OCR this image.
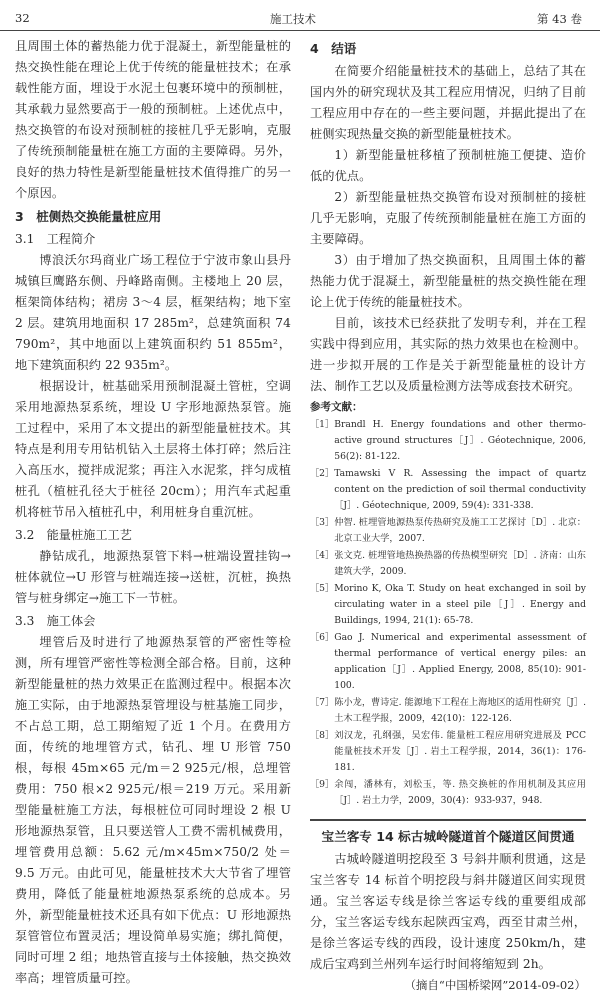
32	施工技术	第 43 卷

且周围土体的蓄热能力优于混凝土，新型能量桩的热交换性能在理论上优于传统的能量桩技术；在承载性能方面，埋设于水泥土包裹环境中的预制桩，其承载力显然要高于一般的预制桩。上述优点中，热交换管的布设对预制桩的接桩几乎无影响，克服了传统预制能量桩在施工方面的主要障碍。另外，良好的热力特性是新型能量桩技术值得推广的另一个原因。

3　桩侧热交换能量桩应用
3.1　工程简介

博浪沃尔玛商业广场工程位于宁波市象山县丹城镇巨鹰路东侧、丹峰路南侧。主楼地上 20 层，框架筒体结构；裙房 3～4 层，框架结构；地下室 2 层。建筑用地面积 17 285m²，总建筑面积 74 790m²，其中地面以上建筑面积约 51 855m²，地下建筑面积约 22 935m²。

根据设计，桩基础采用预制混凝土管桩，空调采用地源热泵系统，埋设 U 字形地源热泵管。施工过程中，采用了本文提出的新型能量桩技术。其特点是利用专用钻机钻入土层将土体打碎；然后注入高压水，搅拌成泥浆；再注入水泥浆，拌匀成植桩孔（植桩孔径大于桩径 20cm）；用汽车式起重机将桩节吊入植桩孔中，利用桩身自重沉桩。

3.2　能量桩施工工艺

静钻成孔，地源热泵管下料→桩端设置挂钩→桩体就位→U 形管与桩端连接→送桩，沉桩，换热管与桩身绑定→施工下一节桩。

3.3　施工体会

埋管后及时进行了地源热泵管的严密性等检测，所有埋管严密性等检测全部合格。目前，这种新型能量桩的热力效果正在监测过程中。根据本次施工实际，由于地源热泵管埋设与桩基施工同步，不占总工期，总工期缩短了近 1 个月。在费用方面，传统的地埋管方式，钻孔、埋 U 形管 750 根，每根 45m×65 元/m＝2 925元/根，总埋管费用：750 根×2 925元/根＝219 万元。采用新型能量桩施工方法，每根桩位可同时埋设 2 根 U 形地源热泵管，且只要送管人工费不需机械费用，埋管费用总额：5.62 元/m×45m×750/2 处＝9.5 万元。由此可见，能量桩技术大大节省了埋管费用，降低了能量桩地源热泵系统的总成本。另外，新型能量桩技术还具有如下优点：U 形地源热泵管管位布置灵活；埋设简单易实施；绑扎简便，同时可埋 2 组；地热管直接与土体接触，热交换效率高；埋管质量可控。

4　结语

在简要介绍能量桩技术的基础上，总结了其在国内外的研究现状及其工程应用情况，归纳了目前工程应用中存在的一些主要问题，并据此提出了在桩侧实现热量交换的新型能量桩技术。

1）新型能量桩移植了预制桩施工便捷、造价低的优点。

2）新型能量桩热交换管布设对预制桩的接桩几乎无影响，克服了传统预制能量桩在施工方面的主要障碍。

3）由于增加了热交换面积，且周围土体的蓄热能力优于混凝土，新型能量桩的热交换性能在理论上优于传统的能量桩技术。

目前，该技术已经获批了发明专利，并在工程实践中得到应用，其实际的热力效果也在检测中。进一步拟开展的工作是关于新型能量桩的设计方法、制作工艺以及质量检测方法等成套技术研究。

参考文献：
［1］ Brandl H. Energy foundations and other thermo-active ground structures［J］. Géotechnique, 2006, 56(2): 81-122.
［2］ Tamawski V R. Assessing the impact of quartz content on the prediction of soil thermal conductivity［J］. Géotechnique, 2009, 59(4): 331-338.
［3］ 仲智. 桩埋管地源热泵传热研究及施工工艺探讨［D］. 北京：北京工业大学，2007.
［4］ 张文克. 桩埋管地热换热器的传热模型研究［D］. 济南：山东建筑大学，2009.
［5］ Morino K, Oka T. Study on heat exchanged in soil by circulating water in a steel pile［J］. Energy and Buildings, 1994, 21(1): 65-78.
［6］ Gao J. Numerical and experimental assessment of thermal performance of vertical energy piles: an application［J］. Applied Energy, 2008, 85(10): 901-100.
［7］ 陈小龙，曹诗定. 能源地下工程在上海地区的适用性研究［J］. 土木工程学报，2009，42(10)：122-126.
［8］ 刘汉龙，孔纲强，吴宏伟. 能量桩工程应用研究进展及 PCC 能量桩技术开发［J］. 岩土工程学报，2014，36(1)：176-181.
［9］ 余闯，潘林有，刘松玉，等. 热交换桩的作用机制及其应用［J］. 岩土力学，2009，30(4)：933-937，948.
宝兰客专 14 标古城岭隧道首个隧道区间贯通

古城岭隧道明挖段至 3 号斜井顺利贯通，这是宝兰客专 14 标首个明挖段与斜井隧道区间实现贯通。宝兰客运专线是徐兰客运专线的重要组成部分，宝兰客运专线东起陕西宝鸡，西至甘肃兰州，是徐兰客运专线的西段，设计速度 250km/h，建成后宝鸡到兰州列车运行时间将缩短到 2h。

（摘自“中国桥梁网”2014-09-02）
